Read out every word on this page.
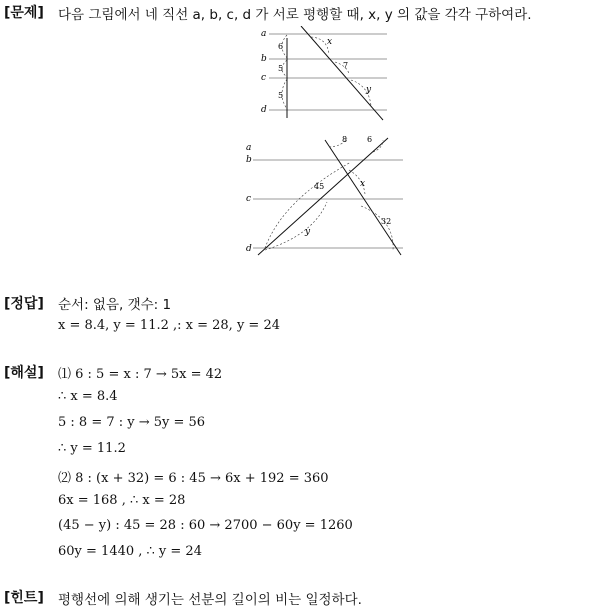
[문제] 다음 그림에서 네 직선 a, b, c, d 가 서로 평행할 때, x, y 의 값을 각각 구하여라.
a
b
c
d
6
5
5
x
7
y
a
b
c
d
8 6
45	x
y
32
[정답] 순서: 없음, 갯수: 1
x = 8.4, y = 11.2 ,: x = 28, y = 24
[해설] ⑴ 6 : 5 = x : 7 → 5x = 42
∴ x = 8.4
5 : 8 = 7 : y → 5y = 56
∴ y = 11.2
⑵ 8 : (x + 32) = 6 : 45 → 6x + 192 = 360
6x = 168 , ∴ x = 28
(45 − y) : 45 = 28 : 60 → 2700 − 60y = 1260
60y = 1440 , ∴ y = 24
[힌트] 평행선에 의해 생기는 선분의 길이의 비는 일정하다.
